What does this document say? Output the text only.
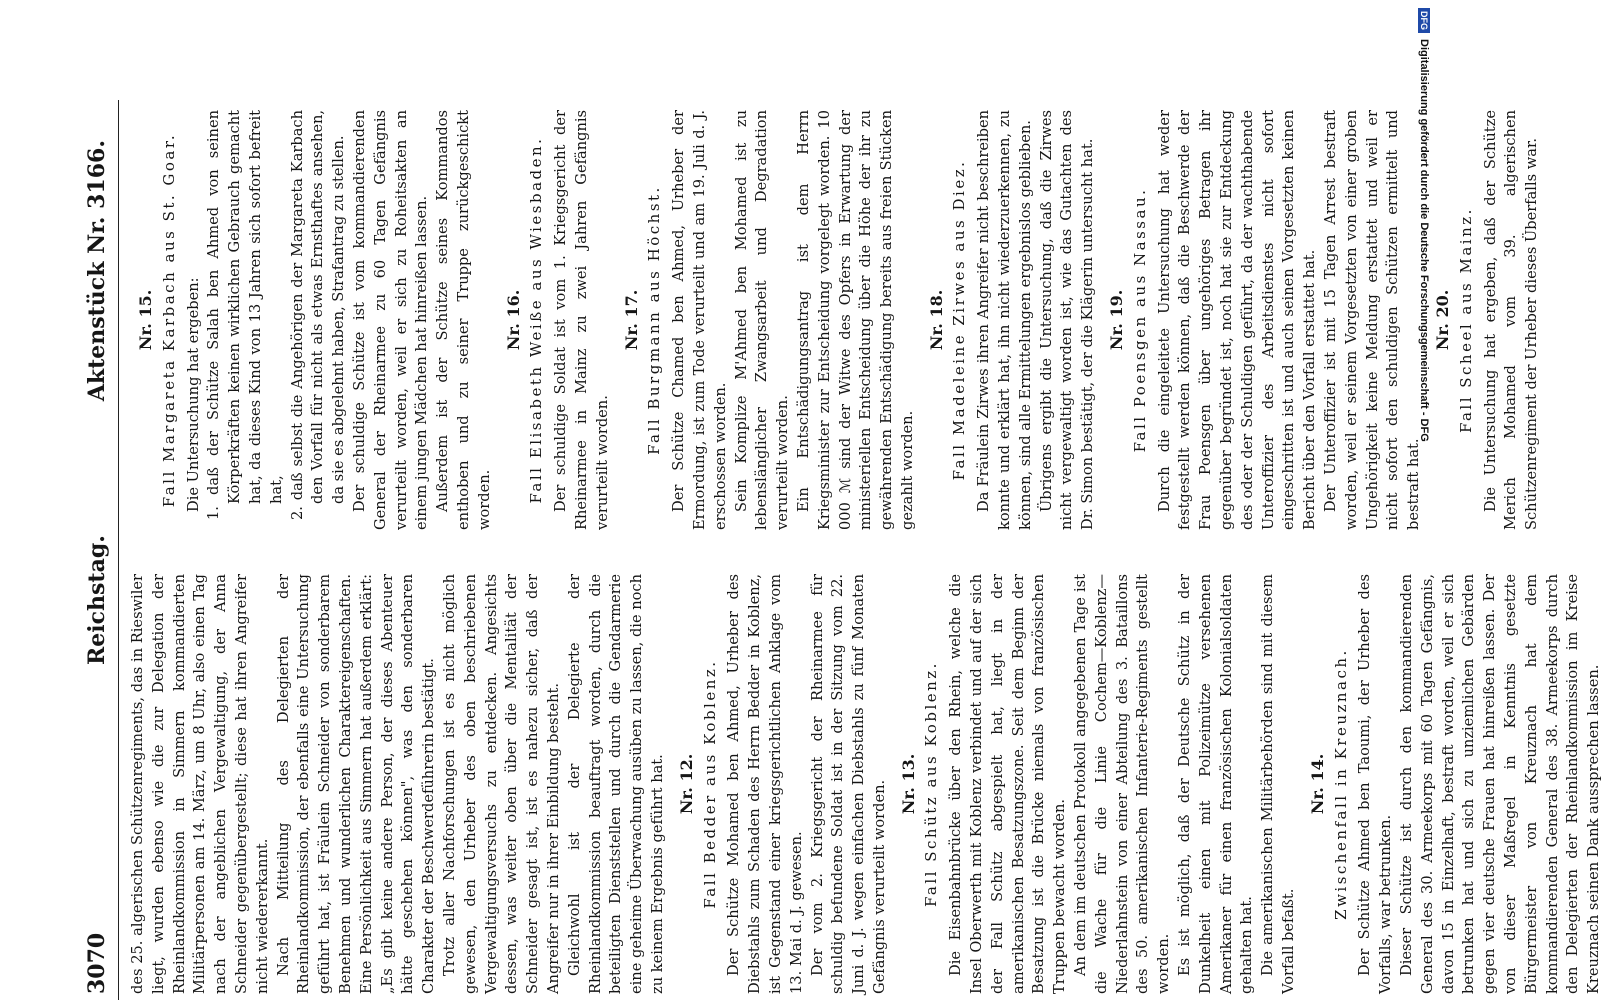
3070
Reichstag.
Aktenstück Nr. 3166.

des 25. algerischen Schützenregiments, das in Rieswiler liegt, wurden ebenso wie die zur Delegation der Rheinlandkommission in Simmern kommandierten Militärpersonen am 14. März, um 8 Uhr, also einen Tag nach der angeblichen Vergewaltigung, der Anna Schneider gegenübergestellt; diese hat ihren Angreifer nicht wiedererkannt. Nach Mitteilung des Delegierten der Rheinlandkommission, der ebenfalls eine Untersuchung geführt hat, ist Fräulein Schneider von sonderbarem Benehmen und wunderlichen Charaktereigenschaften. Eine Persönlichkeit aus Simmern hat außerdem erklärt: „Es gibt keine andere Person, der dieses Abenteuer hätte geschehen können", was den sonderbaren Charakter der Beschwerdeführerin bestätigt. Trotz aller Nachforschungen ist es nicht möglich gewesen, den Urheber des oben beschriebenen Vergewaltigungsversuchs zu entdecken. Angesichts dessen, was weiter oben über die Mentalität der Schneider gesagt ist, ist es nahezu sicher, daß der Angreifer nur in ihrer Einbildung besteht. Gleichwohl ist der Delegierte der Rheinlandkommission beauftragt worden, durch die beteiligten Dienststellen und durch die Gendarmerie eine geheime Überwachung ausüben zu lassen, die noch zu keinem Ergebnis geführt hat. Nr. 12. Fall Bedder aus Koblenz. Der Schütze Mohamed ben Ahmed, Urheber des Diebstahls zum Schaden des Herrn Bedder in Koblenz, ist Gegenstand einer kriegsgerichtlichen Anklage vom 13. Mai d. J. gewesen. Der vom 2. Kriegsgericht der Rheinarmee für schuldig befundene Soldat ist in der Sitzung vom 22. Juni d. J. wegen einfachen Diebstahls zu fünf Monaten Gefängnis verurteilt worden. Nr. 13. Fall Schütz aus Koblenz. Die Eisenbahnbrücke über den Rhein, welche die Insel Oberwerth mit Koblenz verbindet und auf der sich der Fall Schütz abgespielt hat, liegt in der amerikanischen Besatzungszone. Seit dem Beginn der Besatzung ist die Brücke niemals von französischen Truppen bewacht worden. An dem im deutschen Protokoll angegebenen Tage ist die Wache für die Linie Cochem—Koblenz—Niederlahnstein von einer Abteilung des 3. Bataillons des 50. amerikanischen Infanterie-Regiments gestellt worden. Es ist möglich, daß der Deutsche Schütz in der Dunkelheit einen mit Polizeimütze versehenen Amerikaner für einen französischen Kolonialsoldaten gehalten hat. Die amerikanischen Militärbehörden sind mit diesem Vorfall befaßt.

Nr. 14. Zwischenfall in Kreuznach. Der Schütze Ahmed ben Taoumi, der Urheber des Vorfalls, war betrunken. Dieser Schütze ist durch den kommandierenden General des 30. Armeekorps mit 60 Tagen Gefängnis, davon 15 in Einzelhaft, bestraft worden, weil er sich betrunken hat und sich zu unziemlichen Gebärden gegen vier deutsche Frauen hat hinreißen lassen. Der von dieser Maßregel in Kenntnis gesetzte Bürgermeister von Kreuznach hat dem kommandierenden General des 38. Armeekorps durch den Delegierten der Rheinlandkommission im Kreise Kreuznach seinen Dank aussprechen lassen.

Nr. 15. Fall Margareta Karbach aus St. Goar. Die Untersuchung hat ergeben: 1. daß der Schütze Salah ben Ahmed von seinen Körperkräften keinen wirklichen Gebrauch gemacht hat, da dieses Kind von 13 Jahren sich sofort befreit hat, 2. daß selbst die Angehörigen der Margareta Karbach den Vorfall für nicht als etwas Ernsthaftes ansehen, da sie es abgelehnt haben, Strafantrag zu stellen. Der schuldige Schütze ist vom kommandierenden General der Rheinarmee zu 60 Tagen Gefängnis verurteilt worden, weil er sich zu Roheitsakten an einem jungen Mädchen hat hinreißen lassen. Außerdem ist der Schütze seines Kommandos enthoben und zu seiner Truppe zurückgeschickt worden.

Nr. 16. Fall Elisabeth Weiße aus Wiesbaden. Der schuldige Soldat ist vom 1. Kriegsgericht der Rheinarmee in Mainz zu zwei Jahren Gefängnis verurteilt worden.

Nr. 17. Fall Burgmann aus Höchst. Der Schütze Chamed ben Ahmed, Urheber der Ermordung, ist zum Tode verurteilt und am 19. Juli d. J. erschossen worden. Sein Komplize M'Ahmed ben Mohamed ist zu lebenslänglicher Zwangsarbeit und Degradation verurteilt worden. Ein Entschädigungsantrag ist dem Herrn Kriegsminister zur Entscheidung vorgelegt worden. 10 000 ℳ sind der Witwe des Opfers in Erwartung der ministeriellen Entscheidung über die Höhe der ihr zu gewährenden Entschädigung bereits aus freien Stücken gezahlt worden.

Nr. 18. Fall Madeleine Zirwes aus Diez. Da Fräulein Zirwes ihren Angreifer nicht beschreiben konnte und erklärt hat, ihn nicht wiederzuerkennen, zu können, sind alle Ermittelungen ergebnislos geblieben. Übrigens ergibt die Untersuchung, daß die Zirwes nicht vergewaltigt worden ist, wie das Gutachten des Dr. Simon bestätigt, der die Klägerin untersucht hat. Nr. 19. Fall Poensgen aus Nassau. Durch die eingeleitete Untersuchung hat weder festgestellt werden können, daß die Beschwerde der Frau Poensgen über ungehöriges Betragen ihr gegenüber begründet ist, noch hat sie zur Entdeckung des oder der Schuldigen geführt, da der wachthabende Unteroffizier des Arbeitsdienstes nicht sofort eingeschritten ist und auch seinen Vorgesetzten keinen Bericht über den Vorfall erstattet hat. Der Unteroffizier ist mit 15 Tagen Arrest bestraft worden, weil er seinem Vorgesetzten von einer groben Ungehörigkeit keine Meldung erstattet und weil er nicht sofort den schuldigen Schützen ermittelt und bestraft hat.

Nr. 20. Fall Scheel aus Mainz. Die Untersuchung hat ergeben, daß der Schütze Merich Mohamed vom 39. algerischen Schützenregiment der Urheber dieses Überfalls war.

DFGDigitalisierung gefördert durch die Deutsche Forschungsgemeinschaft - DFG
